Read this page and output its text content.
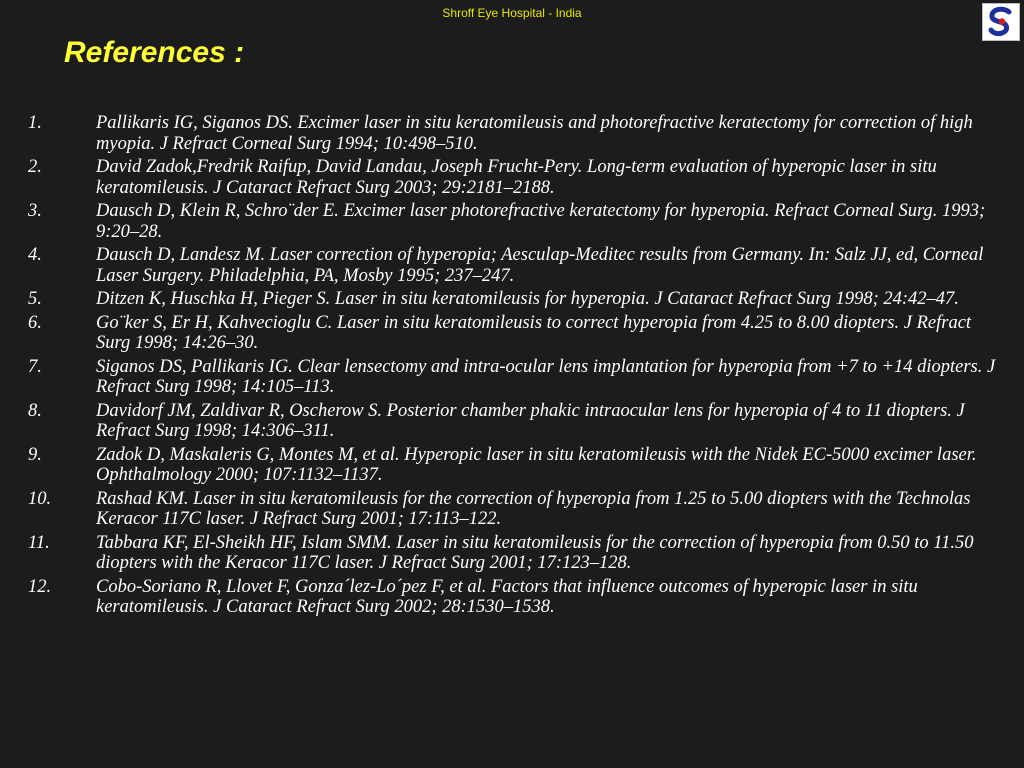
Shroff Eye Hospital - India
References :
1.	Pallikaris IG, Siganos DS. Excimer laser in situ keratomileusis and photorefractive keratectomy for correction of high myopia. J Refract Corneal Surg 1994; 10:498–510.
2.	David Zadok,Fredrik Raifup, David Landau, Joseph Frucht-Pery. Long-term evaluation of hyperopic laser in situ keratomileusis. J Cataract Refract Surg 2003; 29:2181–2188.
3.	Dausch D, Klein R, Schro¨der E. Excimer laser photorefractive keratectomy for hyperopia. Refract Corneal Surg. 1993; 9:20–28.
4.	Dausch D, Landesz M. Laser correction of hyperopia; Aesculap-Meditec results from Germany. In: Salz JJ, ed, Corneal Laser Surgery. Philadelphia, PA, Mosby 1995; 237–247.
5.	Ditzen K, Huschka H, Pieger S. Laser in situ keratomileusis for hyperopia. J Cataract Refract Surg 1998; 24:42–47.
6.	Go¨ker S, Er H, Kahvecioglu C. Laser in situ keratomileusis to correct hyperopia from 4.25 to 8.00 diopters. J Refract Surg 1998; 14:26–30.
7.	Siganos DS, Pallikaris IG. Clear lensectomy and intra-ocular lens implantation for hyperopia from +7 to +14 diopters. J Refract Surg 1998; 14:105–113.
8.	Davidorf JM, Zaldivar R, Oscherow S. Posterior chamber phakic intraocular lens for hyperopia of 4 to 11 diopters. J Refract Surg 1998; 14:306–311.
9.	Zadok D, Maskaleris G, Montes M, et al. Hyperopic laser in situ keratomileusis with the Nidek EC-5000 excimer laser. Ophthalmology 2000; 107:1132–1137.
10. Rashad KM. Laser in situ keratomileusis for the correction of hyperopia from 1.25 to 5.00 diopters with the Technolas Keracor 117C laser. J Refract Surg 2001; 17:113–122.
11. Tabbara KF, El-Sheikh HF, Islam SMM. Laser in situ keratomileusis for the correction of hyperopia from 0.50 to 11.50 diopters with the Keracor 117C laser. J Refract Surg 2001; 17:123–128.
12. Cobo-Soriano R, Llovet F, Gonza´lez-Lo´pez F, et al. Factors that influence outcomes of hyperopic laser in situ keratomileusis. J Cataract Refract Surg 2002; 28:1530–1538.
